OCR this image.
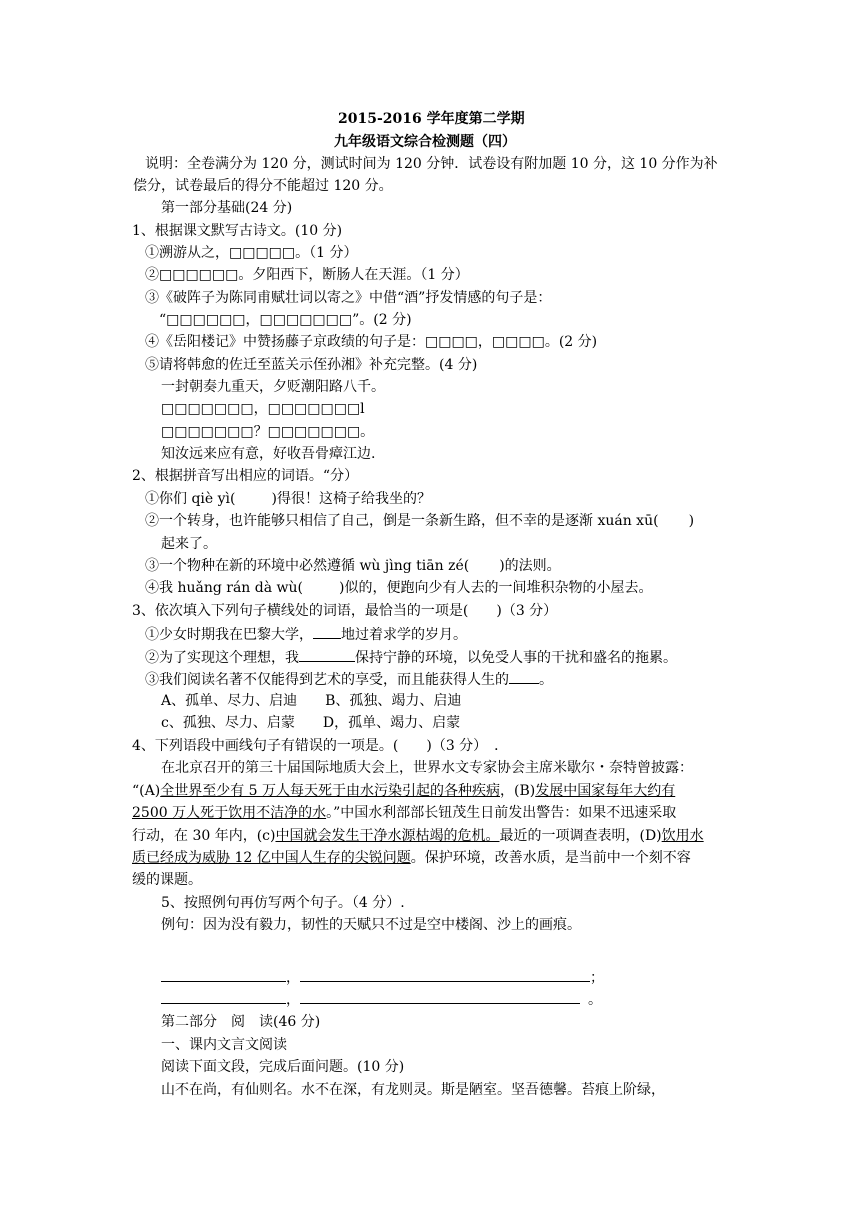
2015-2016 学年度第二学期
九年级语文综合检测题（四）
说明：全卷满分为 120 分，测试时间为 120 分钟．试卷设有附加题 10 分，这 10 分作为补
偿分，试卷最后的得分不能超过 120 分。
第一部分基础(24 分)
1、根据课文默写古诗文。(10 分)
①溯游从之，□□□□□。（1 分）
②□□□□□□。夕阳西下，断肠人在天涯。（1 分）
③《破阵子为陈同甫赋壮词以寄之》中借“酒”抒发情感的句子是：
“□□□□□□，□□□□□□□”。(2 分)
④《岳阳楼记》中赞扬藤子京政绩的句子是：□□□□，□□□□。(2 分)
⑤请将韩愈的佐迁至蓝关示侄孙湘》补充完整。(4 分)
一封朝奏九重天，夕贬潮阳路八千。
□□□□□□□，□□□□□□□l
□□□□□□□？□□□□□□□。
知汝远来应有意，好收吾骨瘴江边.
2、根据拼音写出相应的词语。“分）
①你们 qiè yì(	)得很！这椅子给我坐的？
②一个转身，也许能够只相信了自己，倒是一条新生路，但不幸的是逐渐 xuán xū( )
起来了。
③一个物种在新的环境中必然遵循 wù jìng tiān zé( )的法则。
④我 huǎng rán dà wù(	)似的，便跑向少有人去的一间堆积杂物的小屋去。
3、依次填入下列句子横线处的词语，最恰当的一项是(　　)（3 分）
①少女时期我在巴黎大学， 地过着求学的岁月。
②为了实现这个理想，我	保持宁静的环境，以免受人事的干扰和盛名的拖累。
③我们阅读名著不仅能得到艺术的享受，而且能获得人生的 。
A、孤单、尽力、启迪　　B、孤独、竭力、启迪
c、孤独、尽力、启蒙　　D，孤单、竭力、启蒙
4、下列语段中画线句子有错误的一项是。(　　)（3 分）　．
在北京召开的第三十届国际地质大会上，世界水文专家协会主席米歇尔・奈特曾披露：
“(A)全世界至少有 5 万人每天死于由水污染引起的各种疾病，(B)发展中国家每年大约有
2500 万人死于饮用不洁净的水。”中国水利部部长钮茂生日前发出警告：如果不迅速采取
行动，在 30 年内，(c)中国就会发生干净水源枯竭的危机。最近的一项调查表明，(D)饮用水
质已经成为威胁 12 亿中国人生存的尖锐问题。保护环境，改善水质，是当前中一个刻不容
缓的课题。
5、按照例句再仿写两个句子。（4 分）.
例句：因为没有毅力，韧性的天赋只不过是空中楼阁、沙上的画痕。
，	；
，	。
第二部分　阅　读(46 分)
一、课内文言文阅读
阅读下面文段，完成后面问题。(10 分)
山不在尚，有仙则名。水不在深，有龙则灵。斯是陋室。坚吾德馨。苔痕上阶绿，
